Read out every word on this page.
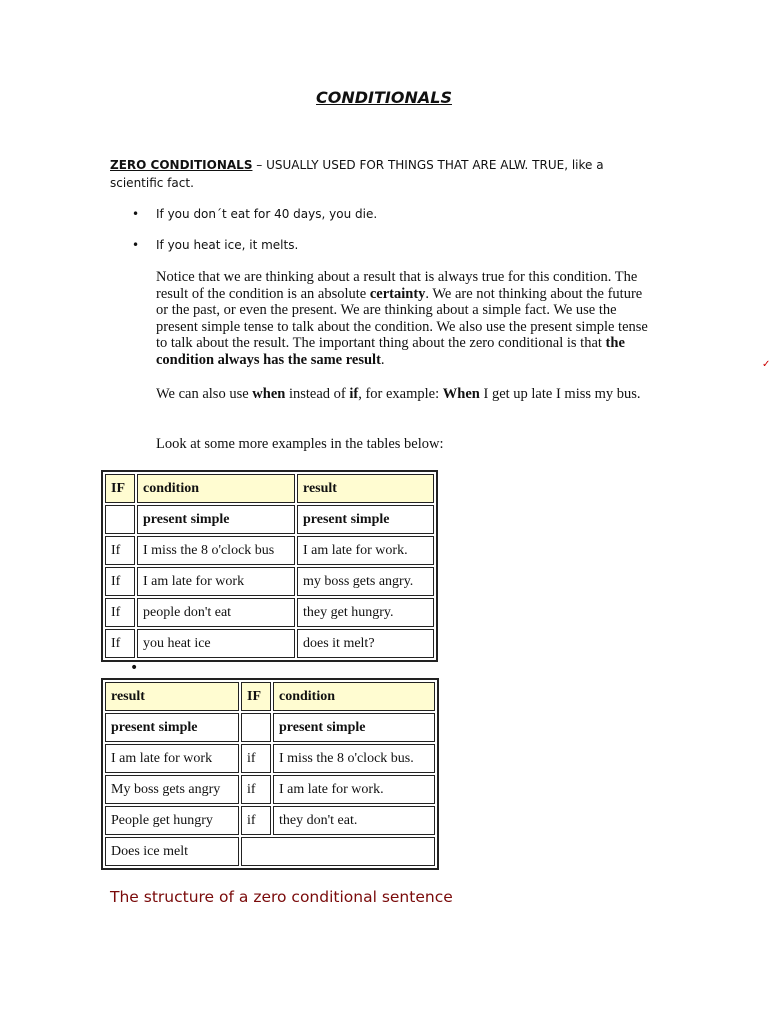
CONDITIONALS
ZERO CONDITIONALS – USUALLY USED FOR THINGS THAT ARE ALW. TRUE, like a scientific fact.
• If you don´t eat for 40 days, you die.
• If you heat ice, it melts.
Notice that we are thinking about a result that is always true for this condition. The result of the condition is an absolute certainty. We are not thinking about the future or the past, or even the present. We are thinking about a simple fact. We use the present simple tense to talk about the condition. We also use the present simple tense to talk about the result. The important thing about the zero conditional is that the condition always has the same result.
We can also use when instead of if, for example: When I get up late I miss my bus.
Look at some more examples in the tables below:
IF	condition	result
	present simple	present simple
If	I miss the 8 o'clock bus	I am late for work.
If	I am late for work	my boss gets angry.
If	people don't eat	they get hungry.
If	you heat ice	does it melt?
•
result	IF	condition
present simple		present simple
I am late for work	if	I miss the 8 o'clock bus.
My boss gets angry	if	I am late for work.
People get hungry	if	they don't eat.
Does ice melt		
The structure of a zero conditional sentence
✓
